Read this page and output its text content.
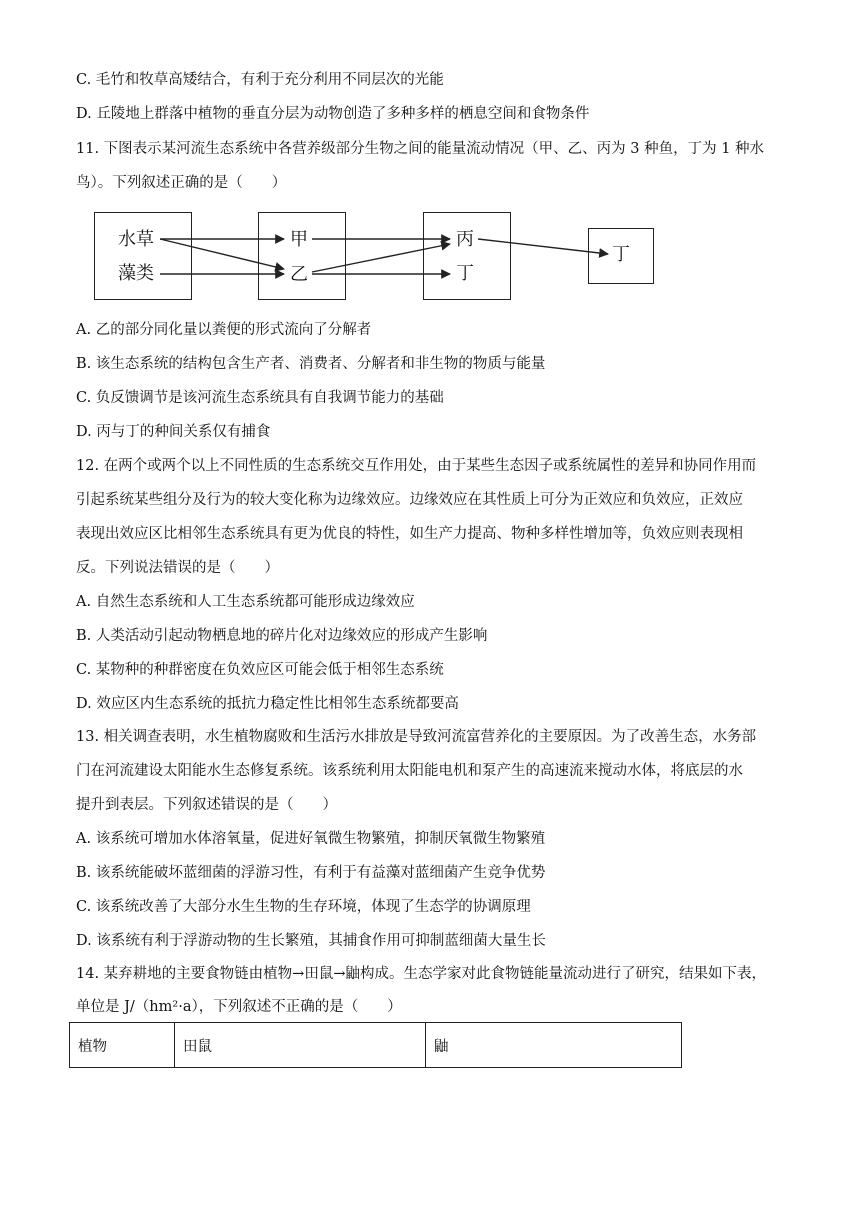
C. 毛竹和牧草高矮结合，有利于充分利用不同层次的光能
D. 丘陵地上群落中植物的垂直分层为动物创造了多种多样的栖息空间和食物条件
11. 下图表示某河流生态系统中各营养级部分生物之间的能量流动情况（甲、乙、丙为 3 种鱼，丁为 1 种水
鸟）。下列叙述正确的是（　　）
水草
藻类
甲
乙
丙
丁
丁
A. 乙的部分同化量以粪便的形式流向了分解者
B. 该生态系统的结构包含生产者、消费者、分解者和非生物的物质与能量
C. 负反馈调节是该河流生态系统具有自我调节能力的基础
D. 丙与丁的种间关系仅有捕食
12. 在两个或两个以上不同性质的生态系统交互作用处，由于某些生态因子或系统属性的差异和协同作用而
引起系统某些组分及行为的较大变化称为边缘效应。边缘效应在其性质上可分为正效应和负效应，正效应
表现出效应区比相邻生态系统具有更为优良的特性，如生产力提高、物种多样性增加等，负效应则表现相
反。下列说法错误的是（　　）
A. 自然生态系统和人工生态系统都可能形成边缘效应
B. 人类活动引起动物栖息地的碎片化对边缘效应的形成产生影响
C. 某物种的种群密度在负效应区可能会低于相邻生态系统
D. 效应区内生态系统的抵抗力稳定性比相邻生态系统都要高
13. 相关调查表明，水生植物腐败和生活污水排放是导致河流富营养化的主要原因。为了改善生态，水务部
门在河流建设太阳能水生态修复系统。该系统利用太阳能电机和泵产生的高速流来搅动水体，将底层的水
提升到表层。下列叙述错误的是（　　）
A. 该系统可增加水体溶氧量，促进好氧微生物繁殖，抑制厌氧微生物繁殖
B. 该系统能破坏蓝细菌的浮游习性，有利于有益藻对蓝细菌产生竞争优势
C. 该系统改善了大部分水生生物的生存环境，体现了生态学的协调原理
D. 该系统有利于浮游动物的生长繁殖，其捕食作用可抑制蓝细菌大量生长
14. 某弃耕地的主要食物链由植物→田鼠→鼬构成。生态学家对此食物链能量流动进行了研究，结果如下表，
单位是 J/（hm²·a），下列叙述不正确的是（　　）
植物	田鼠	鼬
